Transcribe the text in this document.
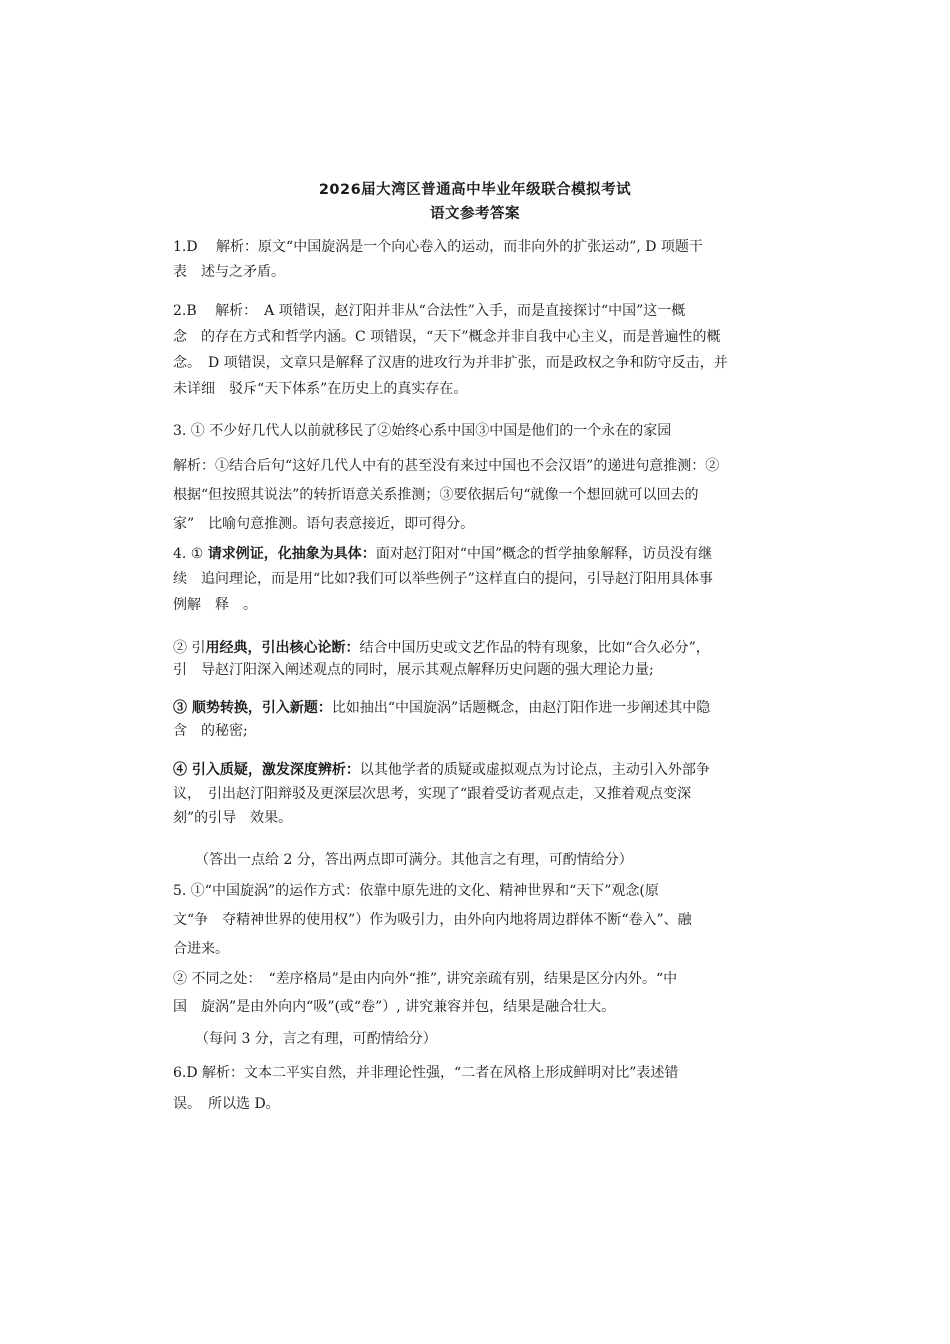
2026届大湾区普通高中毕业年级联合模拟考试
语文参考答案
1.D　 解析：原文“中国旋涡是一个向心卷入的运动，而非向外的扩张运动”, D 项题干
表　述与之矛盾。
2.B　 解析：　A 项错误，赵汀阳并非从“合法性”入手，而是直接探讨“中国”这一概
念　的存在方式和哲学内涵。C 项错误，“天下”概念并非自我中心主义，而是普遍性的概
念。　D 项错误，文章只是解释了汉唐的进攻行为并非扩张，而是政权之争和防守反击，并
未详细　驳斥“天下体系”在历史上的真实存在。
3. ① 不少好几代人以前就移民了②始终心系中国③中国是他们的一个永在的家园
解析：①结合后句“这好几代人中有的甚至没有来过中国也不会汉语”的递进句意推测：②
根据“但按照其说法”的转折语意关系推测；③要依据后句“就像一个想回就可以回去的
家”　比喻句意推测。语句表意接近，即可得分。
4. ① 请求例证，化抽象为具体：面对赵汀阳对“中国”概念的哲学抽象解释，访员没有继
续　追问理论，而是用“比如?我们可以举些例子”这样直白的提问，引导赵汀阳用具体事
例解　释　。
② 引用经典，引出核心论断：结合中国历史或文艺作品的特有现象，比如“合久必分”，
引　导赵汀阳深入阐述观点的同时，展示其观点解释历史问题的强大理论力量;
③ 顺势转换，引入新题：比如抽出“中国旋涡”话题概念，由赵汀阳作进一步阐述其中隐
含　的秘密;
④ 引入质疑，激发深度辨析：以其他学者的质疑或虚拟观点为讨论点，主动引入外部争
议，　引出赵汀阳辩驳及更深层次思考，实现了“跟着受访者观点走，又推着观点变深
刻”的引导　效果。
（答出一点给 2 分，答出两点即可满分。其他言之有理，可酌情给分）
5. ①“中国旋涡”的运作方式：依靠中原先进的文化、精神世界和“天下”观念(原
文“争　夺精神世界的使用权”）作为吸引力，由外向内地将周边群体不断“卷入”、融
合进来。
② 不同之处：　“差序格局”是由内向外“推”, 讲究亲疏有别，结果是区分内外。“中
国　旋涡”是由外向内“吸”(或“卷”）, 讲究兼容并包，结果是融合壮大。
（每问 3 分，言之有理，可酌情给分）
6.D 解析：文本二平实自然，并非理论性强，“二者在风格上形成鲜明对比”表述错
误。　所以选 D。
